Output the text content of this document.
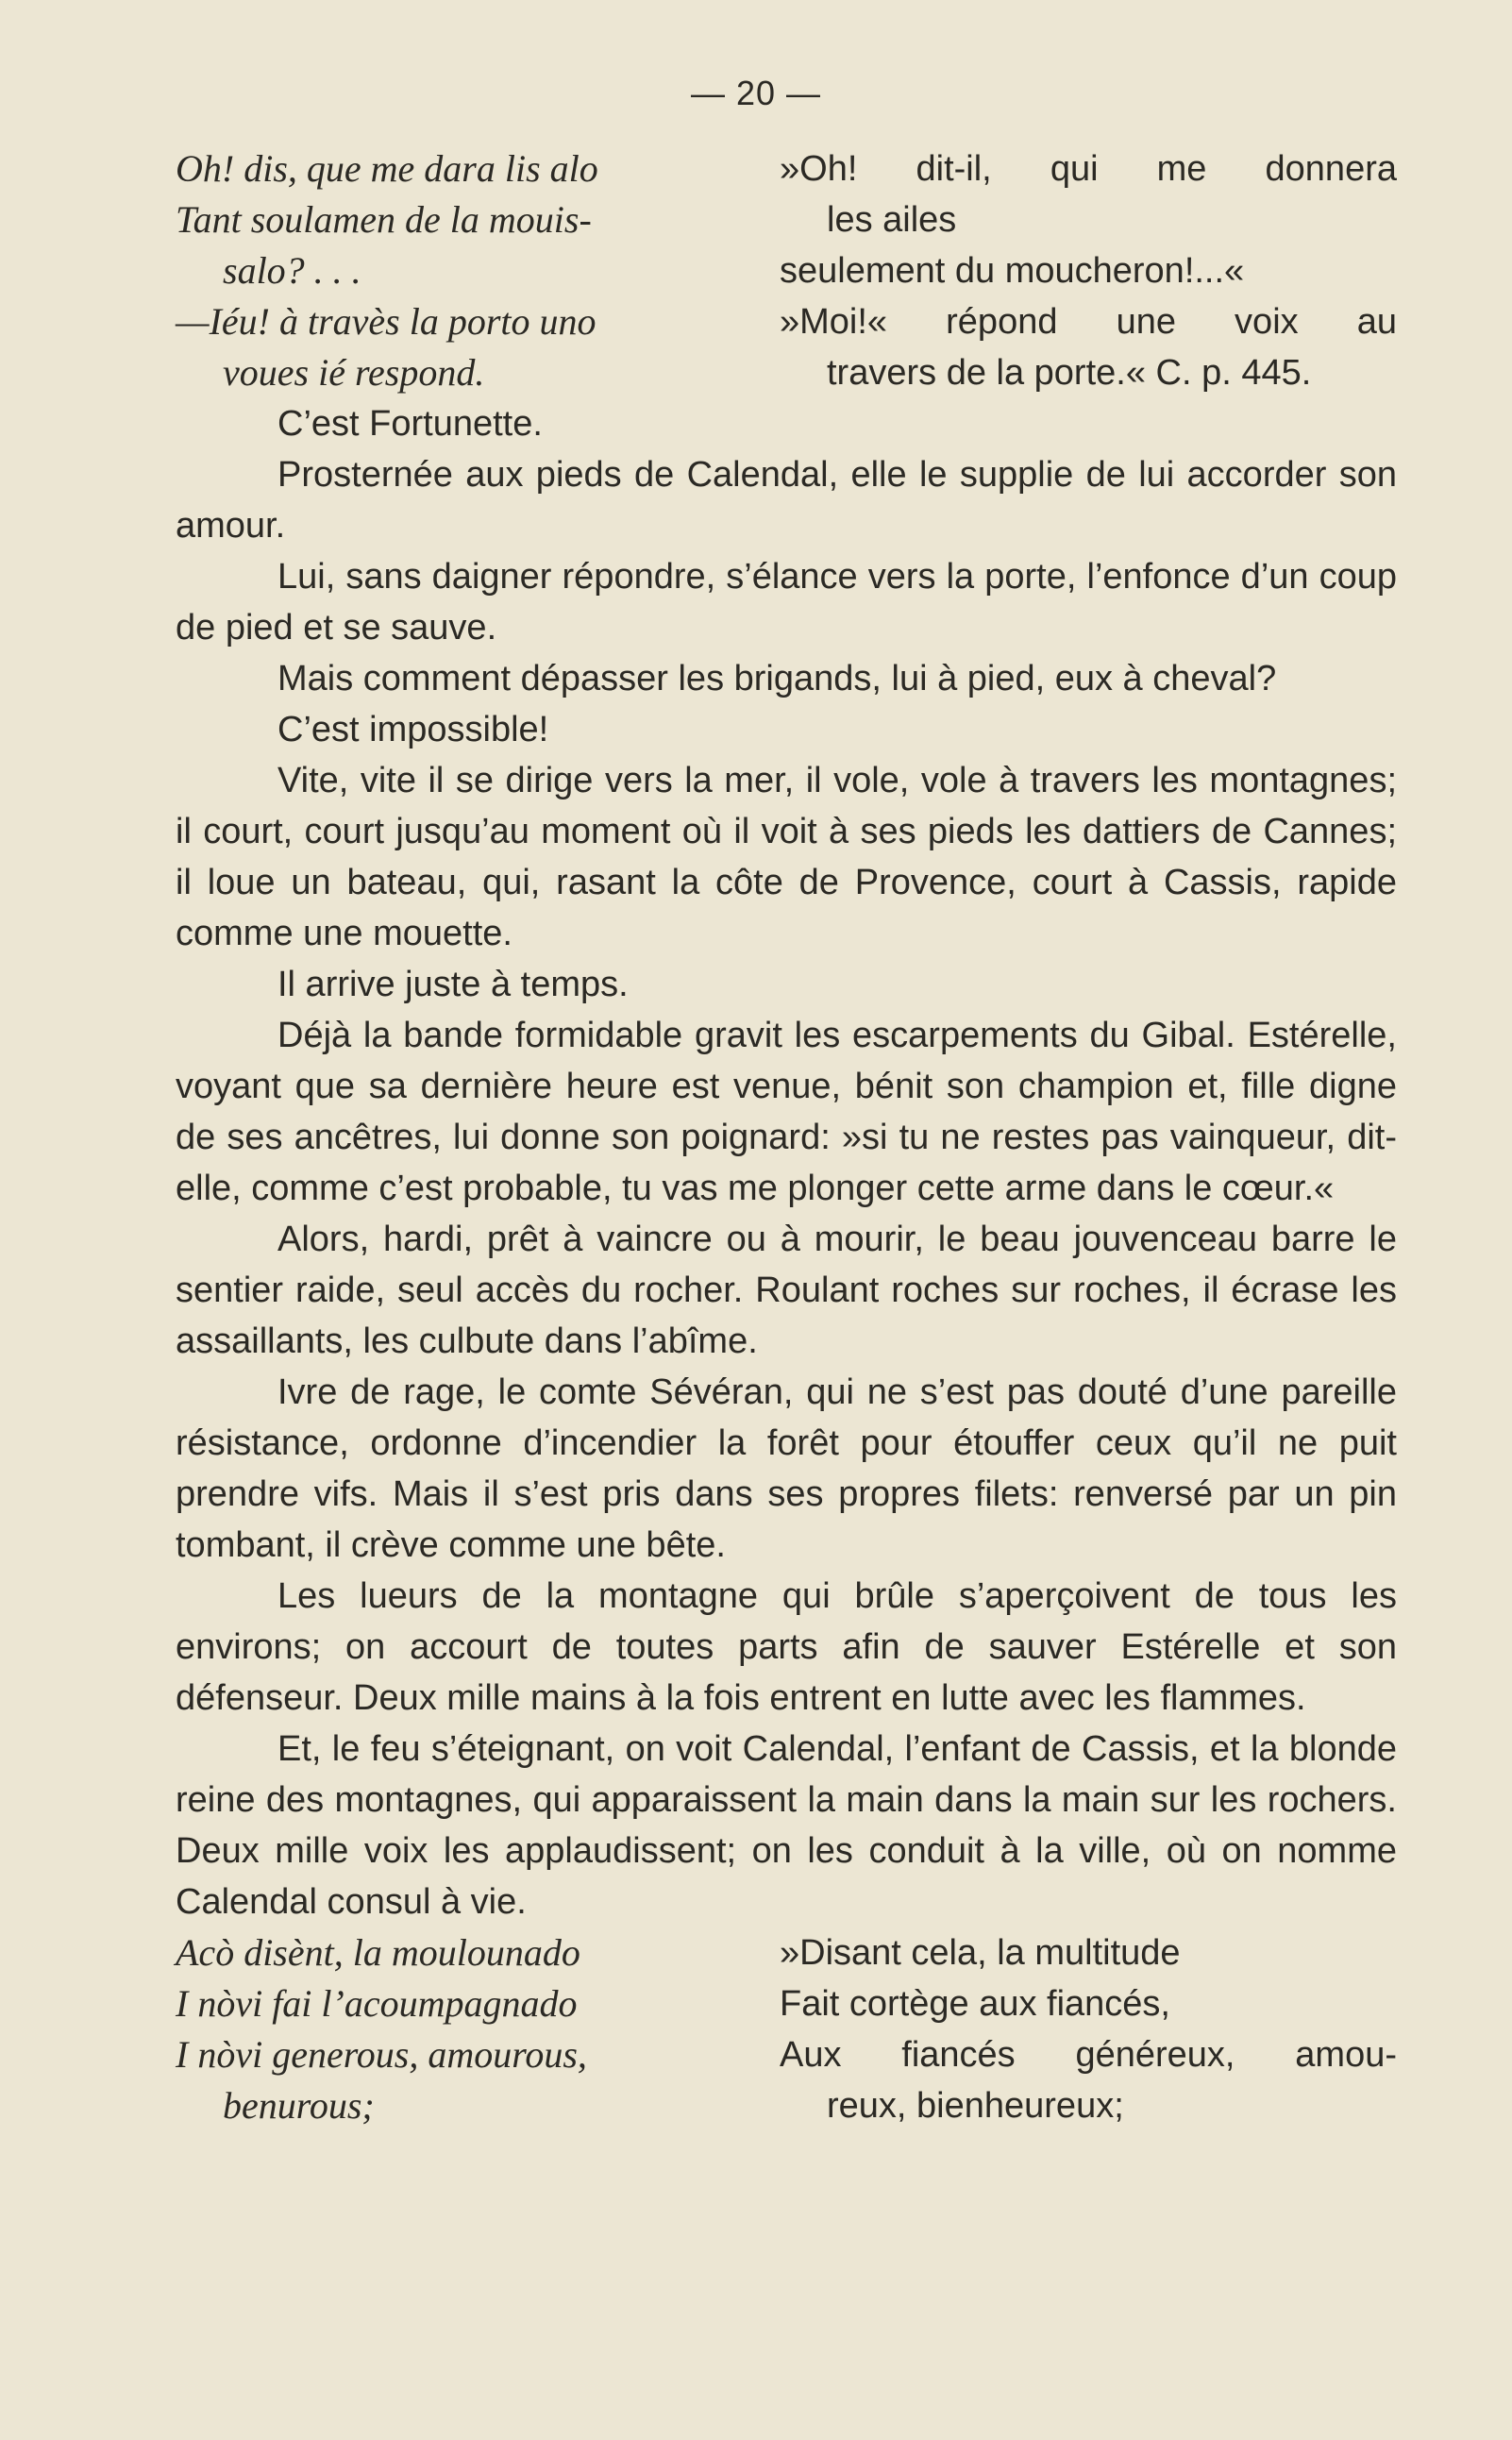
— 20 —
Oh! dis, que me dara lis alo
Tant soulamen de la mouis-
salo? . . .
—Iéu! à travès la porto uno
voues ié respond.
»Oh! dit-il, qui me donnera
les ailes
seulement du moucheron!...«
»Moi!« répond une voix au
travers de la porte.« C. p. 445.

C’est Fortunette.

Prosternée aux pieds de Calendal, elle le supplie de lui accorder son amour.

Lui, sans daigner répondre, s’élance vers la porte, l’enfonce d’un coup de pied et se sauve.

Mais comment dépasser les brigands, lui à pied, eux à cheval?

C’est impossible!

Vite, vite il se dirige vers la mer, il vole, vole à travers les montagnes; il court, court jusqu’au moment où il voit à ses pieds les dattiers de Cannes; il loue un bateau, qui, rasant la côte de Provence, court à Cassis, rapide comme une mouette.

Il arrive juste à temps.

Déjà la bande formidable gravit les escarpements du Gibal. Estérelle, voyant que sa dernière heure est venue, bénit son champion et, fille digne de ses ancêtres, lui donne son poignard: »si tu ne restes pas vainqueur, dit-elle, comme c’est probable, tu vas me plonger cette arme dans le cœur.«

Alors, hardi, prêt à vaincre ou à mourir, le beau jouvenceau barre le sentier raide, seul accès du rocher. Roulant roches sur roches, il écrase les assaillants, les culbute dans l’abîme.

Ivre de rage, le comte Sévéran, qui ne s’est pas douté d’une pareille résistance, ordonne d’incendier la forêt pour étouffer ceux qu’il ne puit prendre vifs. Mais il s’est pris dans ses propres filets: renversé par un pin tombant, il crève comme une bête.

Les lueurs de la montagne qui brûle s’aperçoivent de tous les environs; on accourt de toutes parts afin de sauver Estérelle et son défenseur. Deux mille mains à la fois entrent en lutte avec les flammes.

Et, le feu s’éteignant, on voit Calendal, l’enfant de Cassis, et la blonde reine des montagnes, qui apparaissent la main dans la main sur les rochers. Deux mille voix les applaudissent; on les conduit à la ville, où on nomme Calendal consul à vie.

Acò disènt, la moulounado
I nòvi fai l’acoumpagnado
I nòvi generous, amourous,
benurous;
»Disant cela, la multitude
Fait cortège aux fiancés,
Aux fiancés généreux, amou-
reux, bienheureux;
